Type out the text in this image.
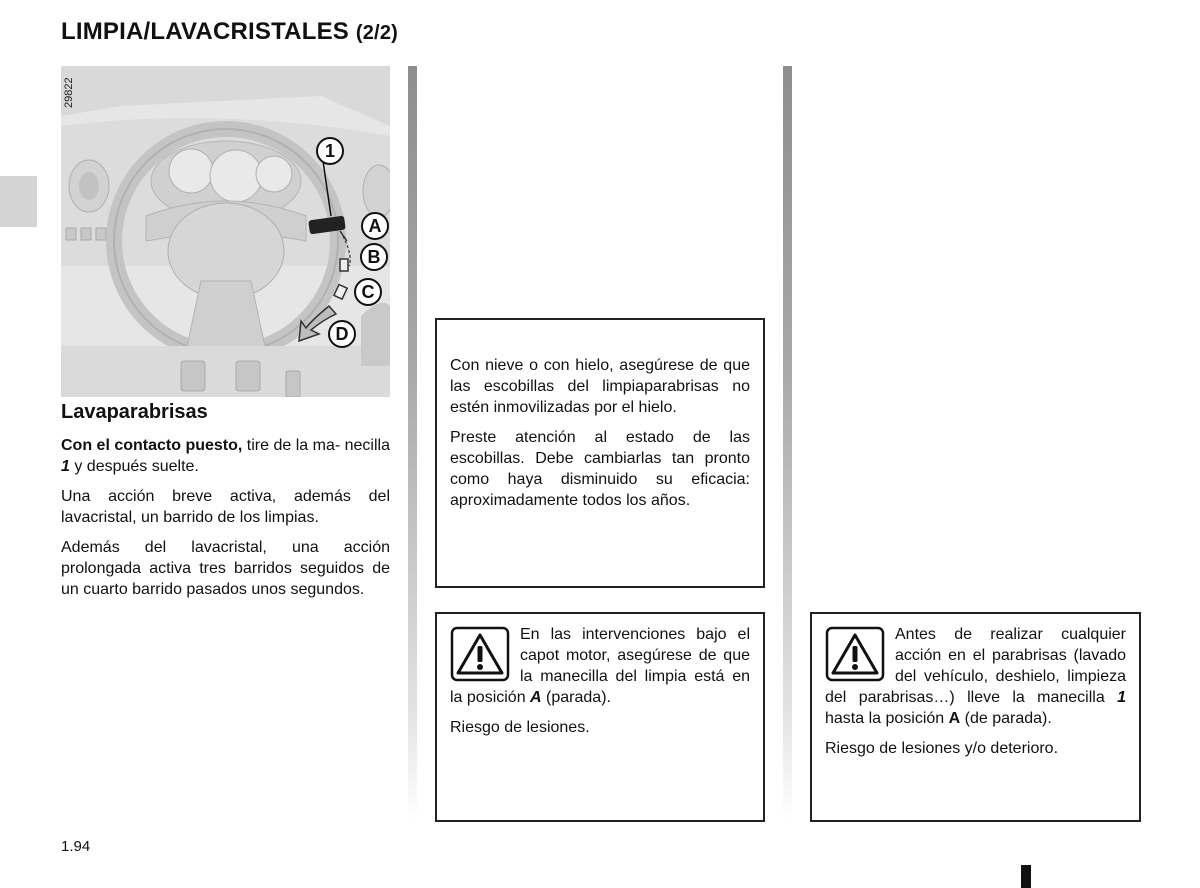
LIMPIA/LAVACRISTALES (2/2)
29822
1
A
B
C
D
Lavaparabrisas

Con el contacto puesto, tire de la ma- necilla 1 y después suelte.

Una acción breve activa, además del lavacristal, un barrido de los limpias.

Además del lavacristal, una acción prolongada activa tres barridos seguidos de un cuarto barrido pasados unos segundos.

Con nieve o con hielo, asegúrese de que las escobillas del limpiaparabrisas no estén inmovilizadas por el hielo.

Preste atención al estado de las escobillas. Debe cambiarlas tan pronto como haya disminuido su eficacia: aproximadamente todos los años.

En las intervenciones bajo el capot motor, asegúrese de que la manecilla del limpia está en la posición A (parada).

Riesgo de lesiones.

Antes de realizar cualquier acción en el parabrisas (lavado del vehículo, deshielo, limpieza del parabrisas…) lleve la manecilla 1 hasta la posición A (de parada).

Riesgo de lesiones y/o deterioro.

1.94
